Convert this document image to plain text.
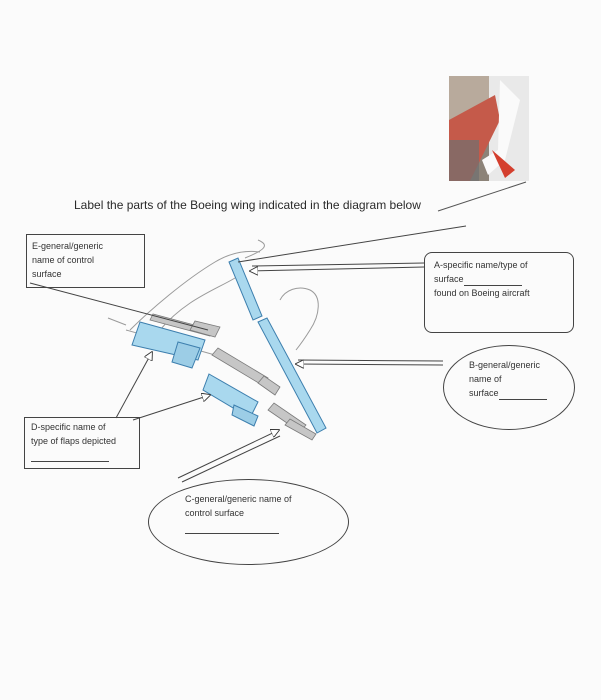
Label the parts of the Boeing wing indicated in the diagram below
E-general/generic
name of control
surface
A-specific name/type of
surface
found on Boeing aircraft
B-general/generic
name of
surface
D-specific name of
type of flaps depicted
C-general/generic name of
control surface
